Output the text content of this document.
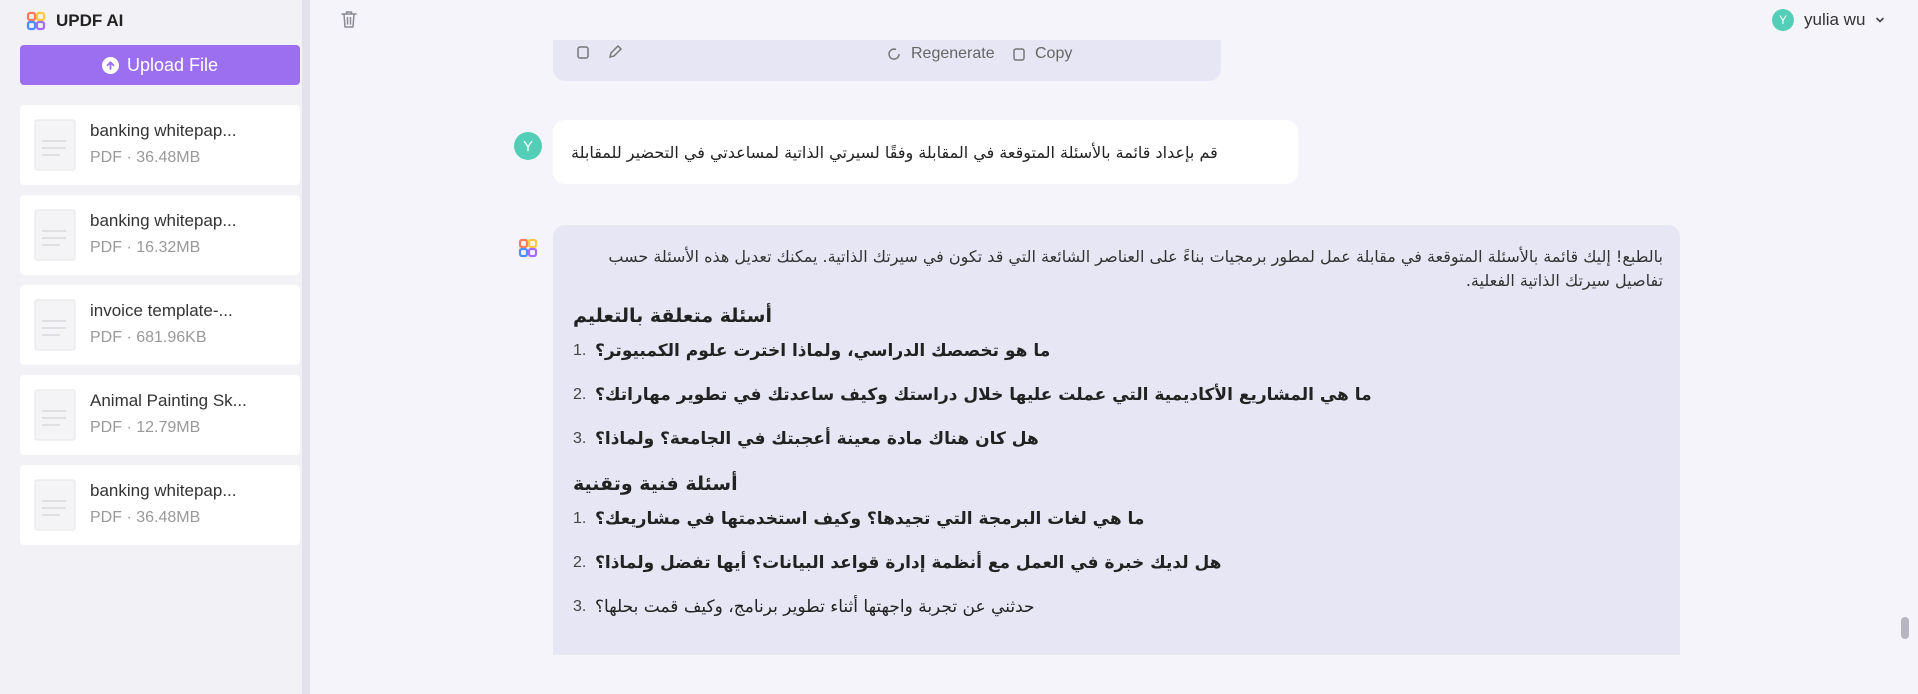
UPDF AI
Upload File
banking whitepap...
PDF · 36.48MB
banking whitepap...
PDF · 16.32MB
invoice template-...
PDF · 681.96KB
Animal Painting Sk...
PDF · 12.79MB
banking whitepap...
PDF · 36.48MB
Regenerate	Copy
Y	yulia wu
Y	قم بإعداد قائمة بالأسئلة المتوقعة في المقابلة وفقًا لسيرتي الذاتية لمساعدتي في التحضير للمقابلة

بالطبع! إليك قائمة بالأسئلة المتوقعة في مقابلة عمل لمطور برمجيات بناءً على العناصر الشائعة التي قد تكون في سيرتك الذاتية. يمكنك تعديل هذه الأسئلة حسب تفاصيل سيرتك الذاتية الفعلية.

أسئلة متعلقة بالتعليم
1. ما هو تخصصك الدراسي، ولماذا اخترت علوم الكمبيوتر؟
2. ما هي المشاريع الأكاديمية التي عملت عليها خلال دراستك وكيف ساعدتك في تطوير مهاراتك؟
3. هل كان هناك مادة معينة أعجبتك في الجامعة؟ ولماذا؟
أسئلة فنية وتقنية
1. ما هي لغات البرمجة التي تجيدها؟ وكيف استخدمتها في مشاريعك؟
2. هل لديك خبرة في العمل مع أنظمة إدارة قواعد البيانات؟ أيها تفضل ولماذا؟
3. حدثني عن تجربة واجهتها أثناء تطوير برنامج، وكيف قمت بحلها؟
